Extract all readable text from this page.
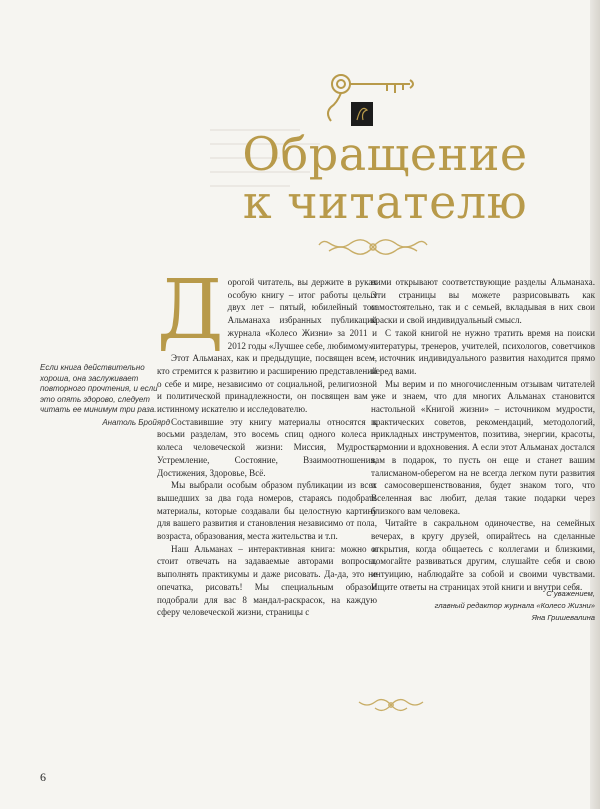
Обращение
к читателю
Если книга действительно хороша, она заслуживает повторного прочтения, и если это опять здорово, следует читать ее минимум три раза.
Анатоль Бройярд

Д орогой читатель, вы держите в руках особую книгу – итог работы целых двух лет – пятый, юбилейный том Альманаха избранных публикаций журнала «Колесо Жизни» за 2011 и 2012 годы «Лучшее себе, любимому».

Этот Альманах, как и предыдущие, посвящен всем, кто стремится к развитию и расширению представлений о себе и мире, независимо от социальной, религиозной и политической принадлежности, он посвящен вам – истинному искателю и исследователю.

Составившие эту книгу материалы относятся к восьми разделам, это восемь спиц одного колеса – колеса человеческой жизни: Миссия, Мудрость, Устремление, Состояние, Взаимоотношения, Достижения, Здоровье, Всё.

Мы выбрали особым образом публикации из всех вышедших за два года номеров, стараясь подобрать материалы, которые создавали бы целостную картину для вашего развития и становления независимо от пола, возраста, образования, места жительства и т.п.

Наш Альманах – интерактивная книга: можно и стоит отвечать на задаваемые авторами вопросы, выполнять практикумы и даже рисовать. Да-да, это не опечатка, рисовать! Мы специальным образом подобрали для вас 8 мандал-раскрасок, на каждую сферу человеческой жизни, страницы с

ними открывают соответствующие разделы Альманаха. Эти страницы вы можете разрисовывать как самостоятельно, так и с семьей, вкладывая в них свои краски и свой индивидуальный смысл.

С такой книгой не нужно тратить время на поиски литературы, тренеров, учителей, психологов, советчиков – источник индивидуального развития находится прямо перед вами.

Мы верим и по многочисленным отзывам читателей уже и знаем, что для многих Альманах становится настольной «Книгой жизни» – источником мудрости, практических советов, рекомендаций, методологий, прикладных инструментов, позитива, энергии, красоты, гармонии и вдохновения. А если этот Альманах достался вам в подарок, то пусть он еще и станет вашим талисманом-оберегом на не всегда легком пути развития и самосовершенствования, будет знаком того, что Вселенная вас любит, делая такие подарки через близкого вам человека.

Читайте в сакральном одиночестве, на семейных вечерах, в кругу друзей, опирайтесь на сделанные открытия, когда общаетесь с коллегами и близкими, помогайте развиваться другим, слушайте себя и свою интуицию, наблюдайте за собой и своими чувствами. Ищите ответы на страницах этой книги и внутри себя.

С уважением,
главный редактор журнала «Колесо Жизни»
Яна Гришевалина
6
